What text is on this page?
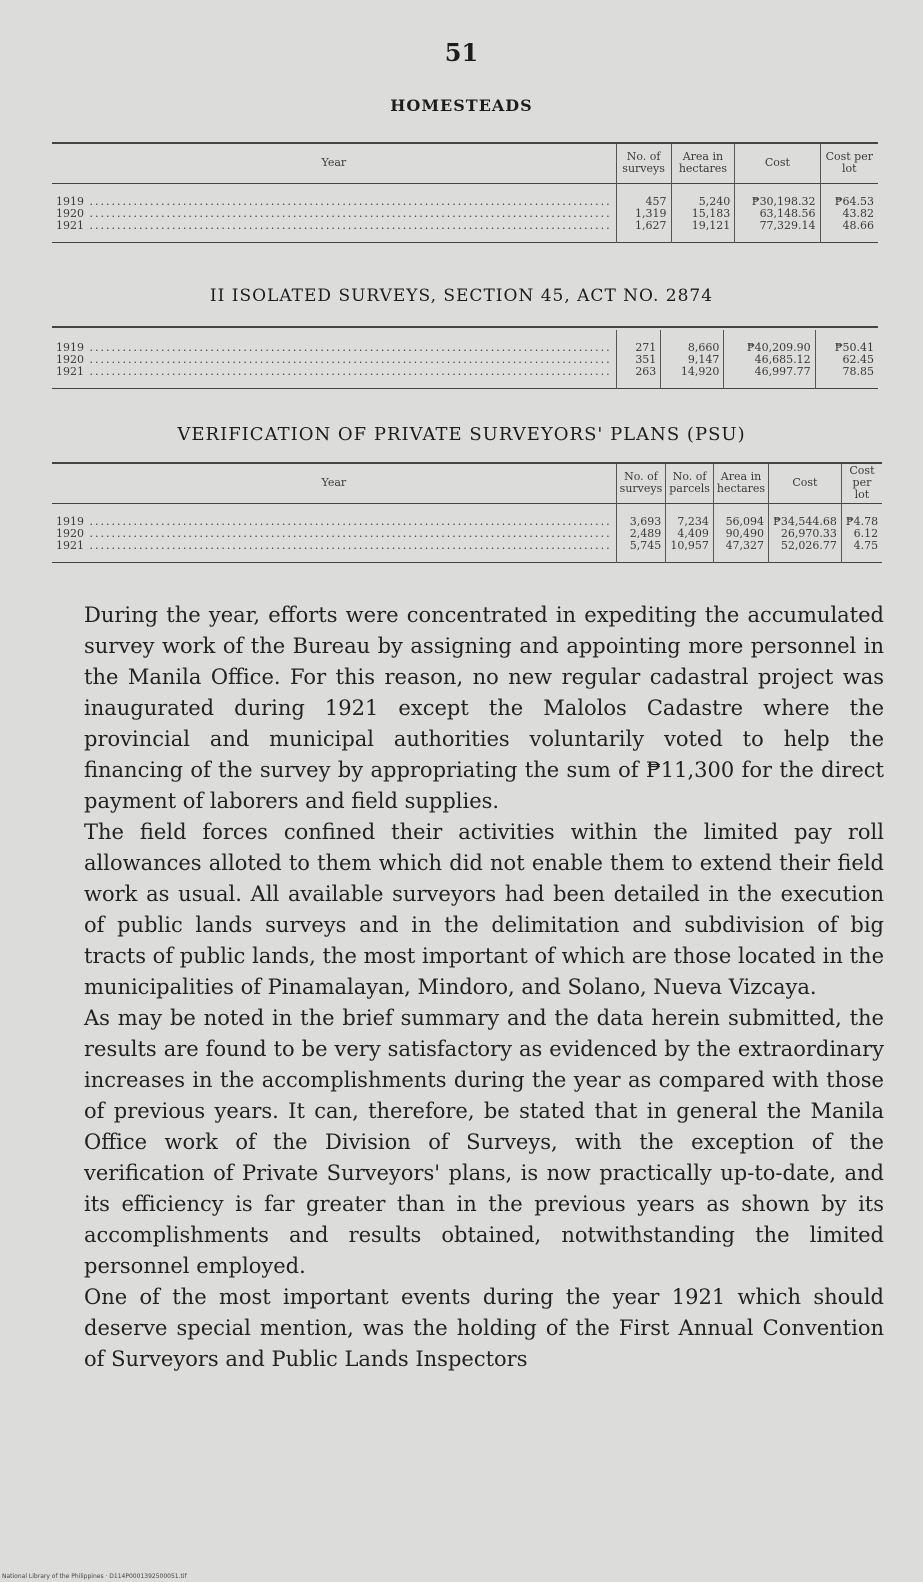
51
HOMESTEADS
Year	No. of surveys	Area in hectares	Cost	Cost per lot
1919 .....	457	5,240	₱30,198.32	₱64.53
1920 .....	1,319	15,183	63,148.56	43.82
1921 .....	1,627	19,121	77,329.14	48.66
II ISOLATED SURVEYS, SECTION 45, ACT NO. 2874
1919 .....	271	8,660	₱40,209.90	₱50.41
1920 .....	351	9,147	46,685.12	62.45
1921 .....	263	14,920	46,997.77	78.85
VERIFICATION OF PRIVATE SURVEYORS' PLANS (PSU)
Year	No. of surveys	No. of parcels	Area in hectares	Cost	Cost per lot
1919 .....	3,693	7,234	56,094	₱34,544.68	₱4.78
1920 .....	2,489	4,409	90,490	26,970.33	6.12
1921 .....	5,745	10,957	47,327	52,026.77	4.75

During the year, efforts were concentrated in expediting the accumulated survey work of the Bureau by assigning and appointing more personnel in the Manila Office. For this reason, no new regular cadastral project was inaugurated during 1921 except the Malolos Cadastre where the provincial and municipal authorities voluntarily voted to help the financing of the survey by appropriating the sum of ₱11,300 for the direct payment of laborers and field supplies.

The field forces confined their activities within the limited pay roll allowances alloted to them which did not enable them to extend their field work as usual. All available surveyors had been detailed in the execution of public lands surveys and in the delimitation and subdivision of big tracts of public lands, the most important of which are those located in the municipalities of Pinamalayan, Mindoro, and Solano, Nueva Vizcaya.

As may be noted in the brief summary and the data herein submitted, the results are found to be very satisfactory as evidenced by the extraordinary increases in the accomplishments during the year as compared with those of previous years. It can, therefore, be stated that in general the Manila Office work of the Division of Surveys, with the exception of the verification of Private Surveyors' plans, is now practically up-to-date, and its efficiency is far greater than in the previous years as shown by its accomplishments and results obtained, notwithstanding the limited personnel employed.

One of the most important events during the year 1921 which should deserve special mention, was the holding of the First Annual Convention of Surveyors and Public Lands Inspectors

National Library of the Philippines · D114P0001392500051.tif
